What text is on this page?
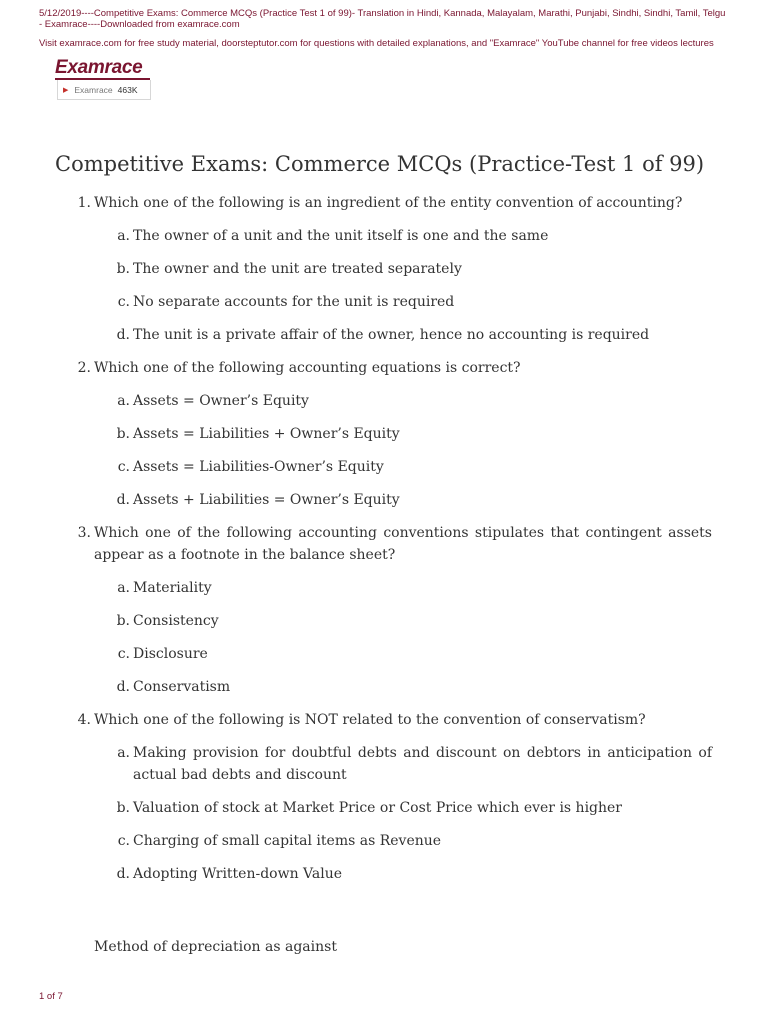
5/12/2019----Competitive Exams: Commerce MCQs (Practice Test 1 of 99)- Translation in Hindi, Kannada, Malayalam, Marathi, Punjabi, Sindhi, Sindhi, Tamil, Telgu - Examrace----Downloaded from examrace.com
Visit examrace.com for free study material, doorsteptutor.com for questions with detailed explanations, and "Examrace" YouTube channel for free videos lectures
Examrace
▶ Examrace 463K
Competitive Exams: Commerce MCQs (Practice-Test 1 of 99)
1. Which one of the following is an ingredient of the entity convention of accounting?
a. The owner of a unit and the unit itself is one and the same
b. The owner and the unit are treated separately
c. No separate accounts for the unit is required
d. The unit is a private affair of the owner, hence no accounting is required
2. Which one of the following accounting equations is correct?
a. Assets = Owner’s Equity
b. Assets = Liabilities + Owner’s Equity
c. Assets = Liabilities-Owner’s Equity
d. Assets + Liabilities = Owner’s Equity
3. Which one of the following accounting conventions stipulates that contingent assets appear as a footnote in the balance sheet?
a. Materiality
b. Consistency
c. Disclosure
d. Conservatism
4. Which one of the following is NOT related to the convention of conservatism?
a. Making provision for doubtful debts and discount on debtors in anticipation of actual bad debts and discount
b. Valuation of stock at Market Price or Cost Price which ever is higher
c. Charging of small capital items as Revenue
d. Adopting Written-down Value
Method of depreciation as against
1 of 7
